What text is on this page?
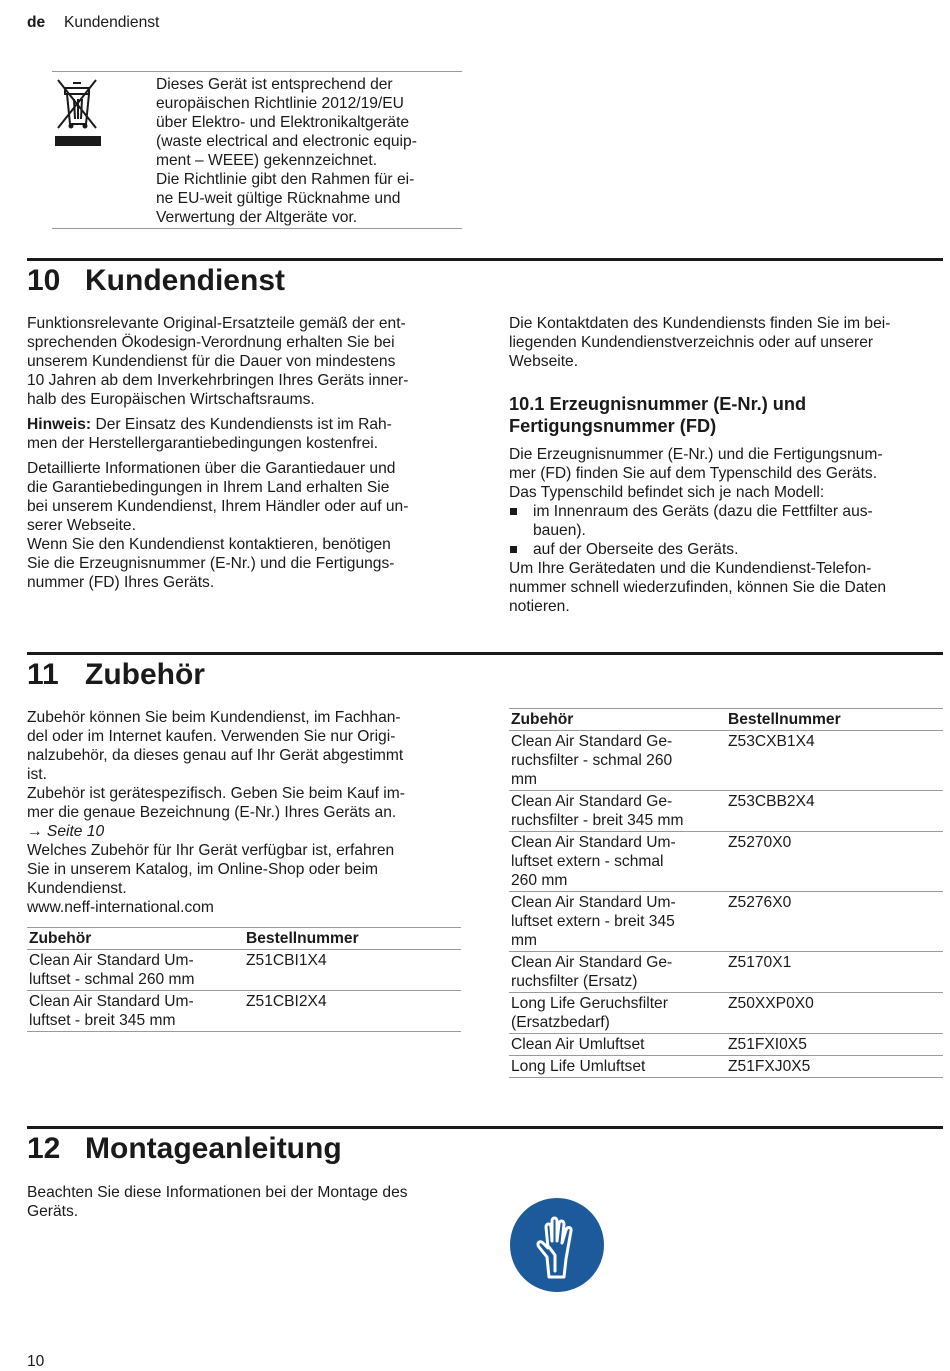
de Kundendienst
Dieses Gerät ist entsprechend der
europäischen Richtlinie 2012/19/EU
über Elektro- und Elektronikaltgeräte
(waste electrical and electronic equip-
ment – WEEE) gekennzeichnet.
Die Richtlinie gibt den Rahmen für ei-
ne EU-weit gültige Rücknahme und
Verwertung der Altgeräte vor.
10 Kundendienst
Funktionsrelevante Original-Ersatzteile gemäß der ent-
sprechenden Ökodesign-Verordnung erhalten Sie bei
unserem Kundendienst für die Dauer von mindestens
10 Jahren ab dem Inverkehrbringen Ihres Geräts inner-
halb des Europäischen Wirtschaftsraums.
Hinweis: Der Einsatz des Kundendiensts ist im Rah-
men der Herstellergarantiebedingungen kostenfrei.
Detaillierte Informationen über die Garantiedauer und
die Garantiebedingungen in Ihrem Land erhalten Sie
bei unserem Kundendienst, Ihrem Händler oder auf un-
serer Webseite.
Wenn Sie den Kundendienst kontaktieren, benötigen
Sie die Erzeugnisnummer (E-Nr.) und die Fertigungs-
nummer (FD) Ihres Geräts.
Die Kontaktdaten des Kundendiensts finden Sie im bei-
liegenden Kundendienstverzeichnis oder auf unserer
Webseite.
10.1 Erzeugnisnummer (E-Nr.) und
Fertigungsnummer (FD)
Die Erzeugnisnummer (E-Nr.) und die Fertigungsnum-
mer (FD) finden Sie auf dem Typenschild des Geräts.
Das Typenschild befindet sich je nach Modell:
im Innenraum des Geräts (dazu die Fettfilter aus-
bauen).
auf der Oberseite des Geräts.
Um Ihre Gerätedaten und die Kundendienst-Telefon-
nummer schnell wiederzufinden, können Sie die Daten
notieren.
11 Zubehör
Zubehör können Sie beim Kundendienst, im Fachhan-
del oder im Internet kaufen. Verwenden Sie nur Origi-
nalzubehör, da dieses genau auf Ihr Gerät abgestimmt
ist.
Zubehör ist gerätespezifisch. Geben Sie beim Kauf im-
mer die genaue Bezeichnung (E-Nr.) Ihres Geräts an.
→ Seite 10
Welches Zubehör für Ihr Gerät verfügbar ist, erfahren
Sie in unserem Katalog, im Online-Shop oder beim
Kundendienst.
www.neff-international.com
Zubehör	Bestellnummer

Clean Air Standard Um-
luftset - schmal 260 mm	Z51CBI1X4

Clean Air Standard Um-
luftset - breit 345 mm	Z51CBI2X4
Zubehör	Bestellnummer

Clean Air Standard Ge-
ruchsfilter - schmal 260
mm	Z53CXB1X4

Clean Air Standard Ge-
ruchsfilter - breit 345 mm	Z53CBB2X4

Clean Air Standard Um-
luftset extern - schmal
260 mm	Z5270X0

Clean Air Standard Um-
luftset extern - breit 345
mm	Z5276X0

Clean Air Standard Ge-
ruchsfilter (Ersatz)	Z5170X1

Long Life Geruchsfilter
(Ersatzbedarf)	Z50XXP0X0

Clean Air Umluftset	Z51FXI0X5

Long Life Umluftset	Z51FXJ0X5
12 Montageanleitung
Beachten Sie diese Informationen bei der Montage des
Geräts.
10
